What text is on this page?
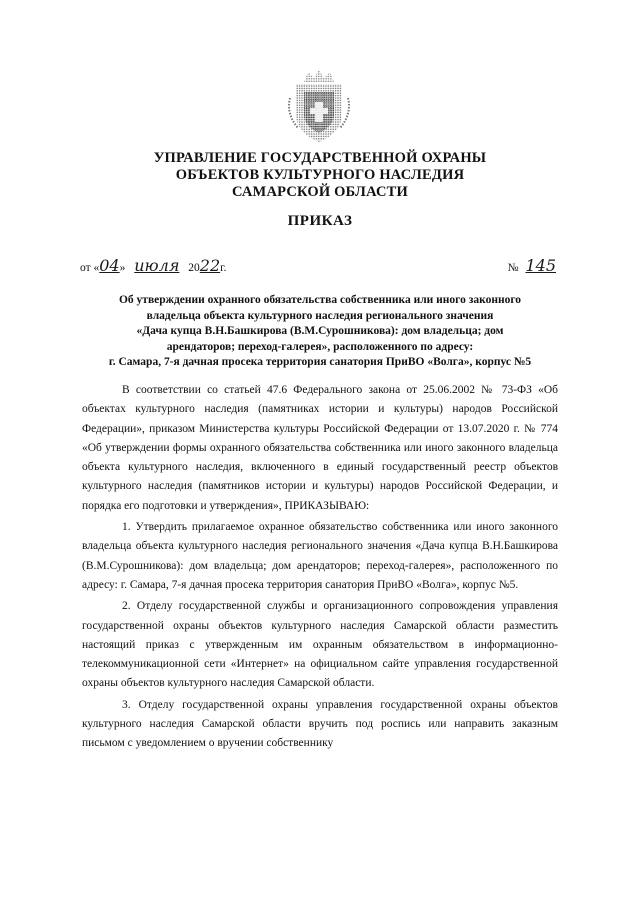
УПРАВЛЕНИЕ ГОСУДАРСТВЕННОЙ ОХРАНЫ
ОБЪЕКТОВ КУЛЬТУРНОГО НАСЛЕДИЯ
САМАРСКОЙ ОБЛАСТИ
ПРИКАЗ
от «04» июля 2022г.	№ 145
Об утверждении охранного обязательства собственника или иного законного
владельца объекта культурного наследия регионального значения
«Дача купца В.Н.Башкирова (В.М.Сурошникова): дом владельца; дом
арендаторов; переход-галерея», расположенного по адресу:
г. Самара, 7-я дачная просека территория санатория ПриВО «Волга», корпус №5

В соответствии со статьей 47.6 Федерального закона от 25.06.2002 № 73-ФЗ «Об объектах культурного наследия (памятниках истории и культуры) народов Российской Федерации», приказом Министерства культуры Российской Федерации от 13.07.2020 г. № 774 «Об утверждении формы охранного обязательства собственника или иного законного владельца объекта культурного наследия, включенного в единый государственный реестр объектов культурного наследия (памятников истории и культуры) народов Российской Федерации, и порядка его подготовки и утверждения», ПРИКАЗЫВАЮ:

1. Утвердить прилагаемое охранное обязательство собственника или иного законного владельца объекта культурного наследия регионального значения «Дача купца В.Н.Башкирова (В.М.Сурошникова): дом владельца; дом арендаторов; переход-галерея», расположенного по адресу: г. Самара, 7-я дачная просека территория санатория ПриВО «Волга», корпус №5.

2. Отделу государственной службы и организационного сопровождения управления государственной охраны объектов культурного наследия Самарской области разместить настоящий приказ с утвержденным им охранным обязательством в информационно-телекоммуникационной сети «Интернет» на официальном сайте управления государственной охраны объектов культурного наследия Самарской области.

3. Отделу государственной охраны управления государственной охраны объектов культурного наследия Самарской области вручить под роспись или направить заказным письмом с уведомлением о вручении собственнику
